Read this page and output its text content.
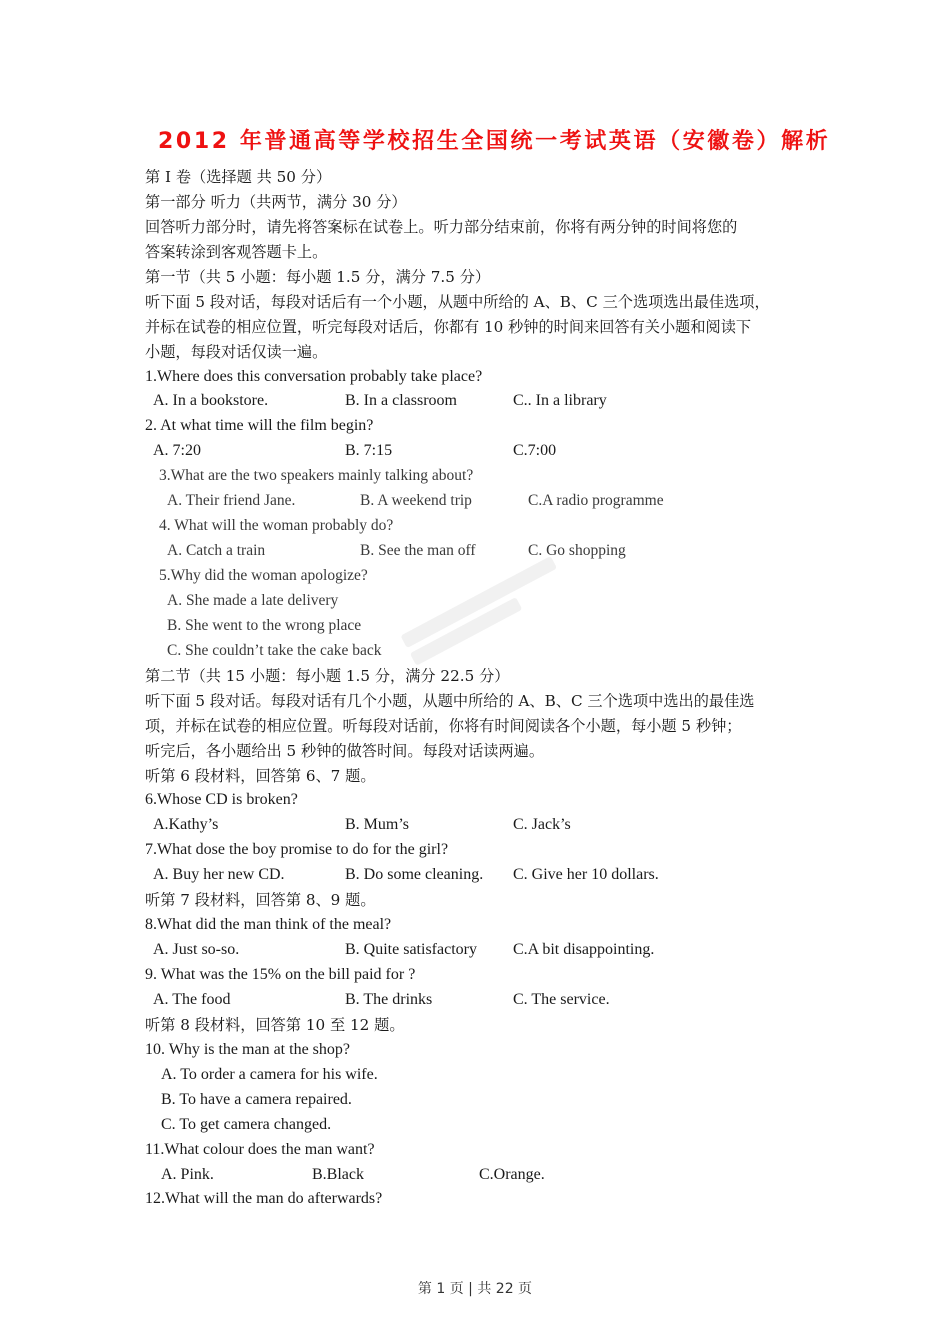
2012 年普通高等学校招生全国统一考试英语（安徽卷）解析
第 I 卷（选择题 共 50 分）
第一部分 听力（共两节，满分 30 分）
回答听力部分时，请先将答案标在试卷上。听力部分结束前，你将有两分钟的时间将您的
答案转涂到客观答题卡上。
第一节（共 5 小题：每小题 1.5 分，满分 7.5 分）
听下面 5 段对话，每段对话后有一个小题，从题中所给的 A、B、C 三个选项选出最佳选项，
并标在试卷的相应位置，听完每段对话后，你都有 10 秒钟的时间来回答有关小题和阅读下
小题，每段对话仅读一遍。
1.Where does this conversation probably take place?
A. In a bookstore.	B. In a classroom	C.. In a library
2. At what time will the film begin?
A. 7:20	B. 7:15	C.7:00
3.What are the two speakers mainly talking about?
A. Their friend Jane.	B. A weekend trip	C.A radio programme
4. What will the woman probably do?
A. Catch a train	B. See the man off	C. Go shopping
5.Why did the woman apologize?
A. She made a late delivery
B. She went to the wrong place
C. She couldn’t take the cake back
第二节（共 15 小题：每小题 1.5 分，满分 22.5 分）
听下面 5 段对话。每段对话有几个小题，从题中所给的 A、B、C 三个选项中选出的最佳选
项，并标在试卷的相应位置。听每段对话前，你将有时间阅读各个小题，每小题 5 秒钟；
听完后，各小题给出 5 秒钟的做答时间。每段对话读两遍。
听第 6 段材料，回答第 6、7 题。
6.Whose CD is broken?
A.Kathy’s	B. Mum’s	C. Jack’s
7.What dose the boy promise to do for the girl?
A. Buy her new CD.	B. Do some cleaning. C. Give her 10 dollars.
听第 7 段材料，回答第 8、9 题。
8.What did the man think of the meal?
A. Just so-so.	B. Quite satisfactory C.A bit disappointing.
9. What was the 15% on the bill paid for ?
A. The food	B. The drinks	C. The service.
听第 8 段材料，回答第 10 至 12 题。
10. Why is the man at the shop?
A. To order a camera for his wife.
B. To have a camera repaired.
C. To get camera changed.
11.What colour does the man want?
A. Pink.	B.Black	C.Orange.
12.What will the man do afterwards?
第 1 页 | 共 22 页
